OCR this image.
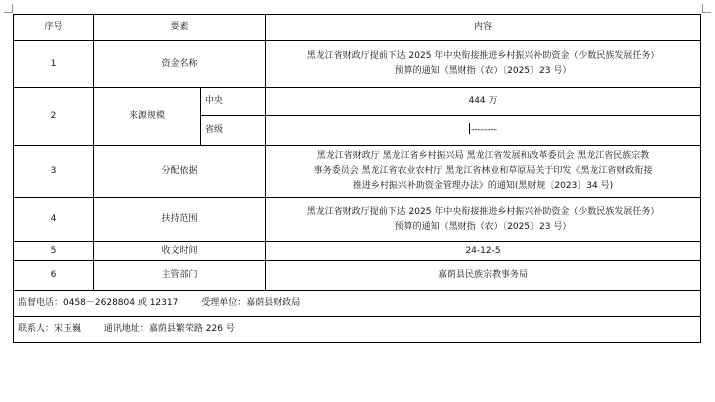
序号	要素		内容
1	资金名称		黑龙江省财政厅提前下达 2025 年中央衔接推进乡村振兴补助资金（少数民族发展任务）
预算的通知（黑财指（农）〔2025〕23 号）

2	来源规模	中央	444 万
		省级	--------
3	分配依据		黑龙江省财政厅 黑龙江省乡村振兴局 黑龙江省发展和改革委员会 黑龙江省民族宗教
事务委员会 黑龙江省农业农村厅 黑龙江省林业和草原局关于印发《黑龙江省财政衔接
推进乡村振兴补助资金管理办法》的通知(黑财规〔2023〕34 号)

4	扶持范围		黑龙江省财政厅提前下达 2025 年中央衔接推进乡村振兴补助资金（少数民族发展任务）
预算的通知（黑财指（农）〔2025〕23 号）

5	收文时间		24-12-5
6	主管部门		嘉荫县民族宗教事务局
监督电话：0458－2628804 或 12317        受理单位：嘉荫县财政局			
联系人：宋玉巍        通讯地址：嘉荫县繁荣路 226 号			
